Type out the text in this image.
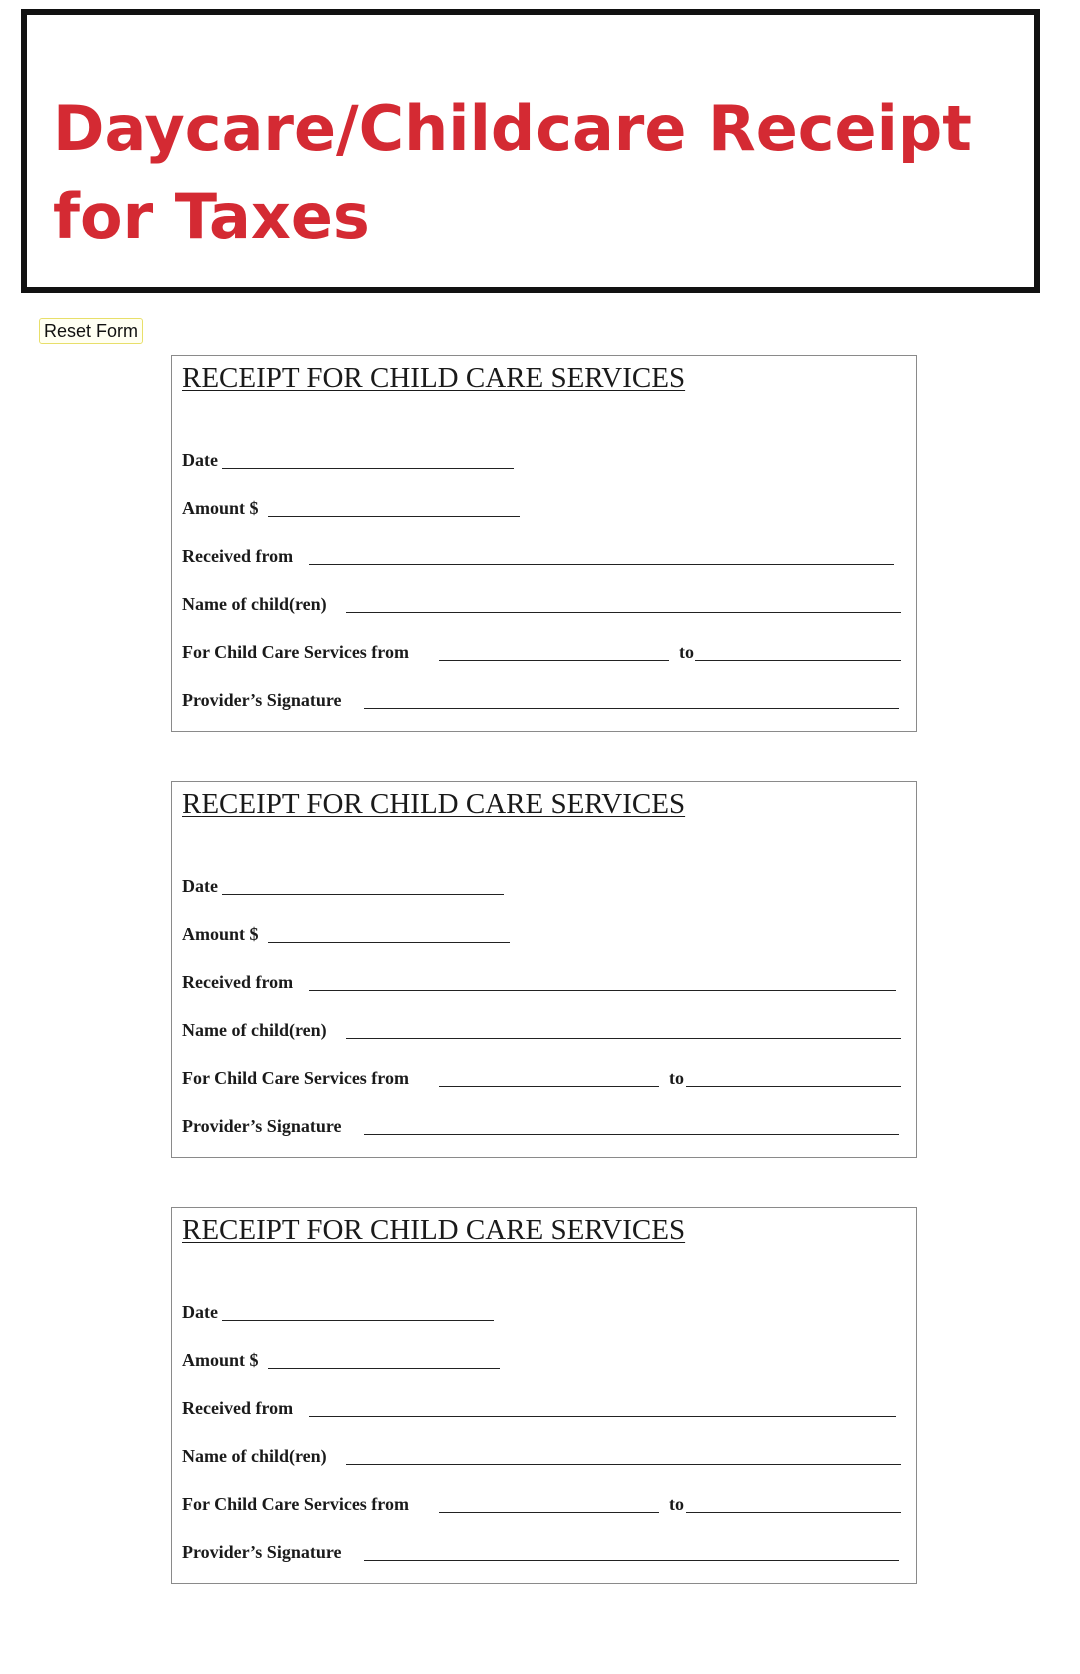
Daycare/Childcare Receipt for Taxes
Reset Form
RECEIPT FOR CHILD CARE SERVICES
Date
Amount $
Received from
Name of child(ren)
For Child Care Services from	to
Provider’s Signature
RECEIPT FOR CHILD CARE SERVICES
Date
Amount $
Received from
Name of child(ren)
For Child Care Services from	to
Provider’s Signature
RECEIPT FOR CHILD CARE SERVICES
Date
Amount $
Received from
Name of child(ren)
For Child Care Services from	to
Provider’s Signature
